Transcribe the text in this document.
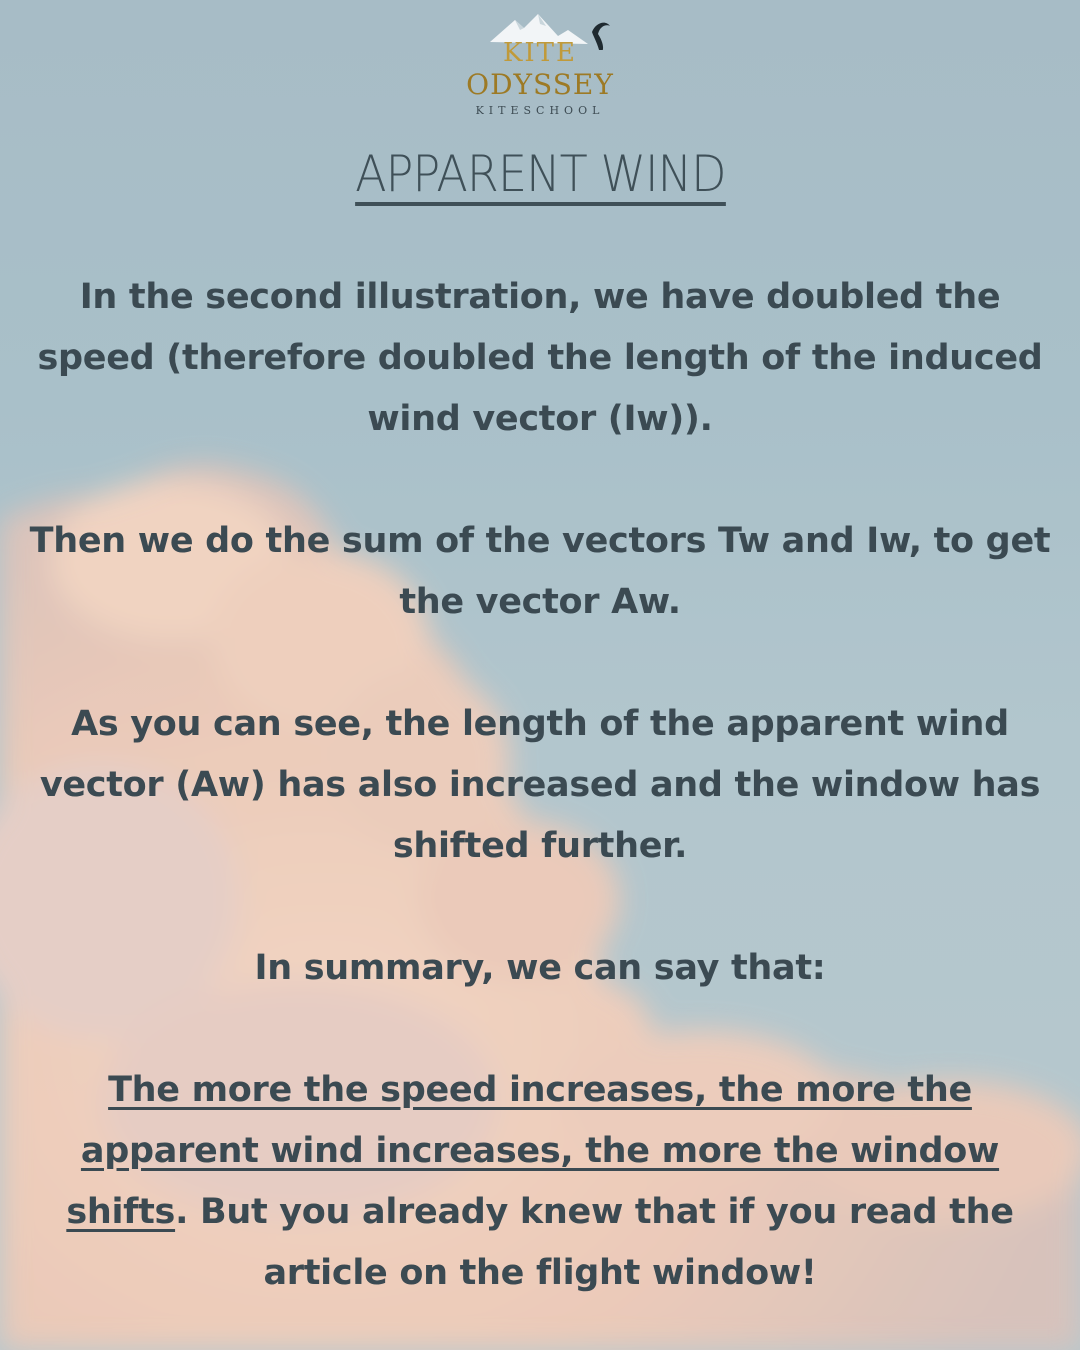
KITE
ODYSSEY
KITESCHOOL
APPARENT WIND
In the second illustration, we have doubled the speed (therefore doubled the length of the induced wind vector (Iw)).
Then we do the sum of the vectors Tw and Iw, to get the vector Aw.
As you can see, the length of the apparent wind vector (Aw) has also increased and the window has shifted further.
In summary, we can say that:
The more the speed increases, the more the apparent wind increases, the more the window shifts. But you already knew that if you read the article on the flight window!
